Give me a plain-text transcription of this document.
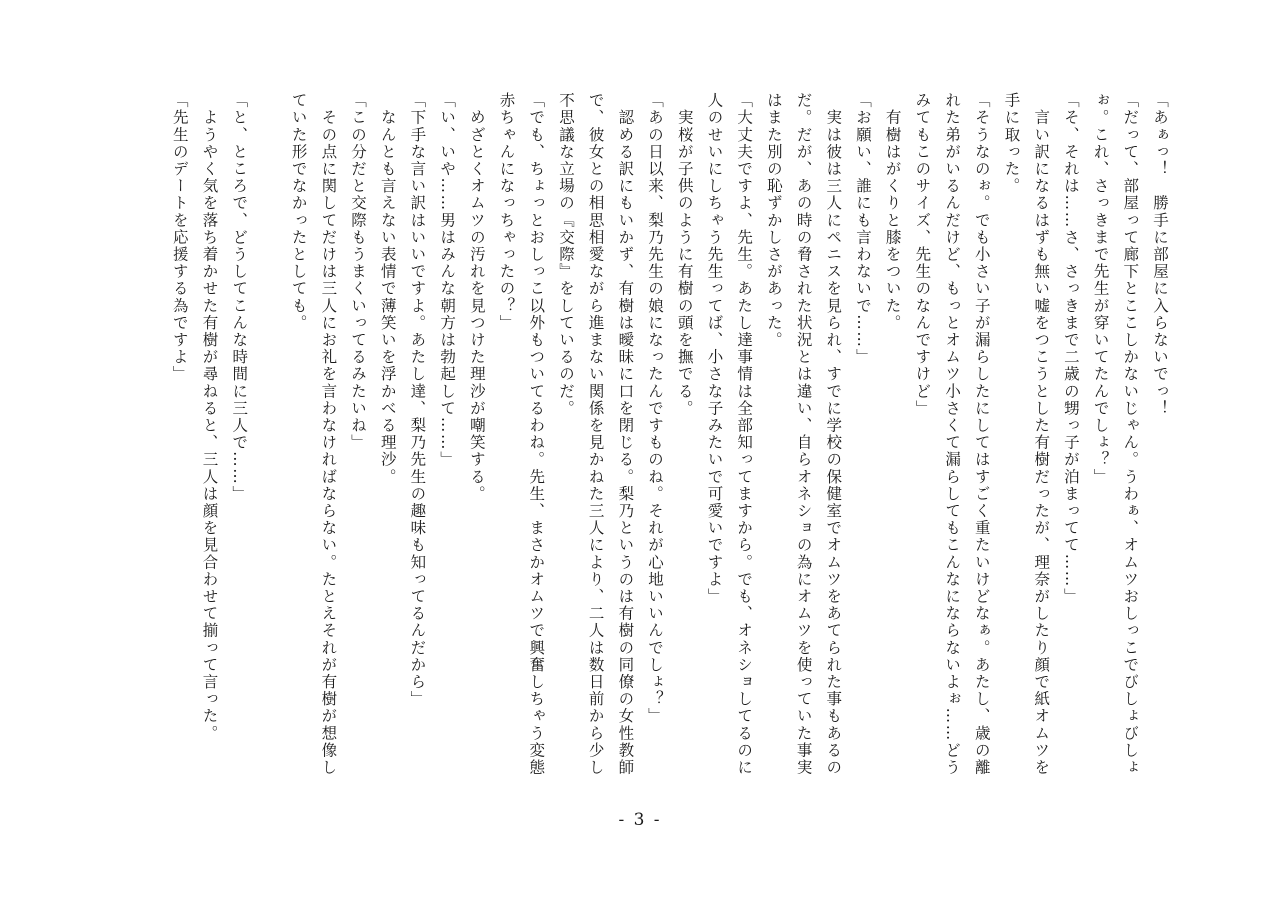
「あぁっ！　勝手に部屋に入らないでっ！

「だって、部屋って廊下とここしかないじゃん。うわぁ、オムツおしっこでびしょびしょ

ぉ。これ、さっきまで先生が穿いてたんでしょ？」

「そ、それは……さ、さっきまで二歳の甥っ子が泊まってて……」

　言い訳になるはずも無い嘘をつこうとした有樹だったが、理奈がしたり顔で紙オムツを

手に取った。

「そうなのぉ。でも小さい子が漏らしたにしてはすごく重たいけどなぁ。あたし、歳の離

れた弟がいるんだけど、もっとオムツ小さくて漏らしてもこんなにならないよぉ……どう

みてもこのサイズ、先生のなんですけど」

　有樹はがくりと膝をついた。

「お願い、誰にも言わないで……」

　実は彼は三人にペニスを見られ、すでに学校の保健室でオムツをあてられた事もあるの

だ。だが、あの時の脅された状況とは違い、自らオネショの為にオムツを使っていた事実

はまた別の恥ずかしさがあった。

「大丈夫ですよ、先生。あたし達事情は全部知ってますから。でも、オネショしてるのに

人のせいにしちゃう先生ってば、小さな子みたいで可愛いですよ」

　実桜が子供のように有樹の頭を撫でる。

「あの日以来、梨乃先生の娘になったんですものね。それが心地いいんでしょ？」

　認める訳にもいかず、有樹は曖昧に口を閉じる。梨乃というのは有樹の同僚の女性教師

で、彼女との相思相愛ながら進まない関係を見かねた三人により、二人は数日前から少し

不思議な立場の『交際』をしているのだ。

「でも、ちょっとおしっこ以外もついてるわね。先生、まさかオムツで興奮しちゃう変態

赤ちゃんになっちゃったの？」

　めざとくオムツの汚れを見つけた理沙が嘲笑する。

「い、いや……男はみんな朝方は勃起して……」

「下手な言い訳はいいですよ。あたし達、梨乃先生の趣味も知ってるんだから」

　なんとも言えない表情で薄笑いを浮かべる理沙。

「この分だと交際もうまくいってるみたいね」

　その点に関してだけは三人にお礼を言わなければならない。たとえそれが有樹が想像し

ていた形でなかったとしても。

「と、ところで、どうしてこんな時間に三人で……」

　ようやく気を落ち着かせた有樹が尋ねると、三人は顔を見合わせて揃って言った。

「先生のデートを応援する為ですよ」

- 3 -
